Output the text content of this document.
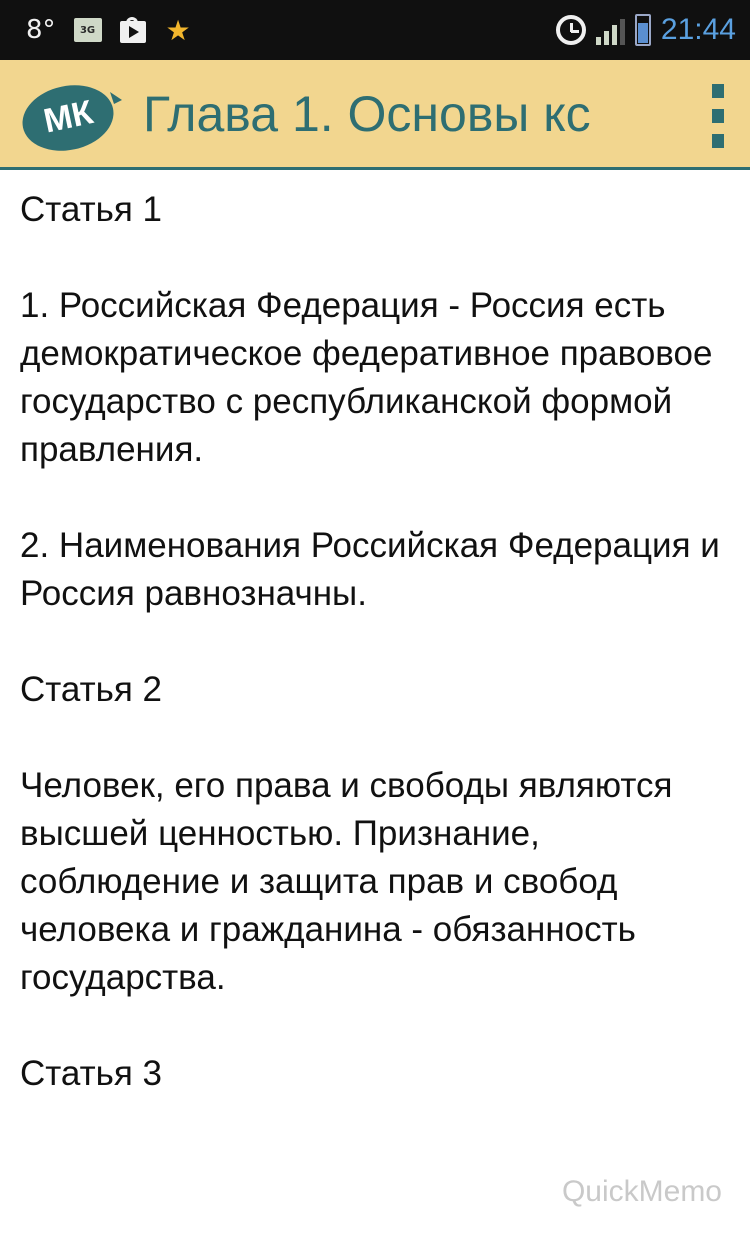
8°	3G	★	21:44
МК Глава 1. Основы кс

Статья 1

1. Российская Федерация - Россия есть демократическое федеративное правовое государство с республиканской формой правления.

2. Наименования Российская Федерация и Россия равнозначны.

Статья 2

Человек, его права и свободы являются высшей ценностью. Признание, соблюдение и защита прав и свобод человека и гражданина - обязанность государства.

Статья 3

QuickMemo
